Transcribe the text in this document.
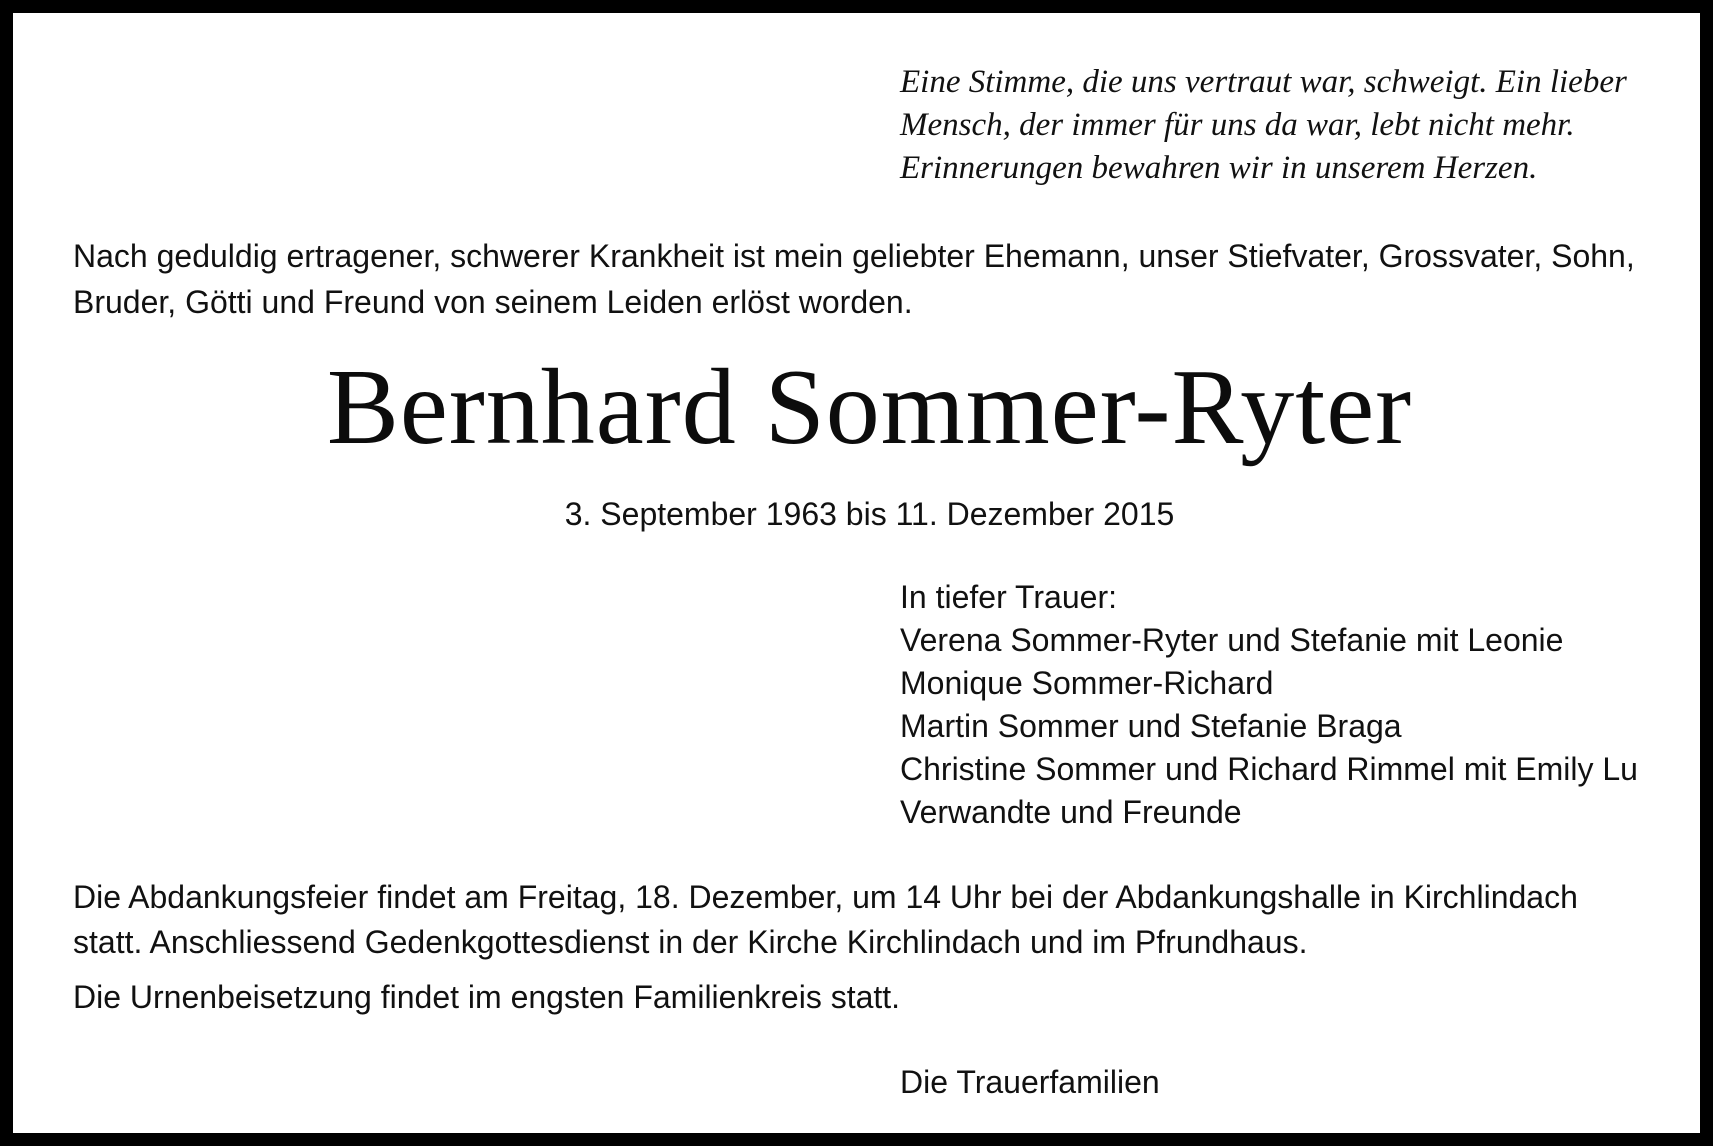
Eine Stimme, die uns vertraut war, schweigt. Ein lieber
Mensch, der immer für uns da war, lebt nicht mehr.
Erinnerungen bewahren wir in unserem Herzen.
Nach geduldig ertragener, schwerer Krankheit ist mein geliebter Ehemann, unser Stiefvater, Grossvater, Sohn,
Bruder, Götti und Freund von seinem Leiden erlöst worden.
Bernhard Sommer-Ryter
3. September 1963 bis 11. Dezember 2015
In tiefer Trauer:
Verena Sommer-Ryter und Stefanie mit Leonie
Monique Sommer-Richard
Martin Sommer und Stefanie Braga
Christine Sommer und Richard Rimmel mit Emily Lu
Verwandte und Freunde
Die Abdankungsfeier findet am Freitag, 18. Dezember, um 14 Uhr bei der Abdankungshalle in Kirchlindach
statt. Anschliessend Gedenkgottesdienst in der Kirche Kirchlindach und im Pfrundhaus.
Die Urnenbeisetzung findet im engsten Familienkreis statt.
Die Trauerfamilien
